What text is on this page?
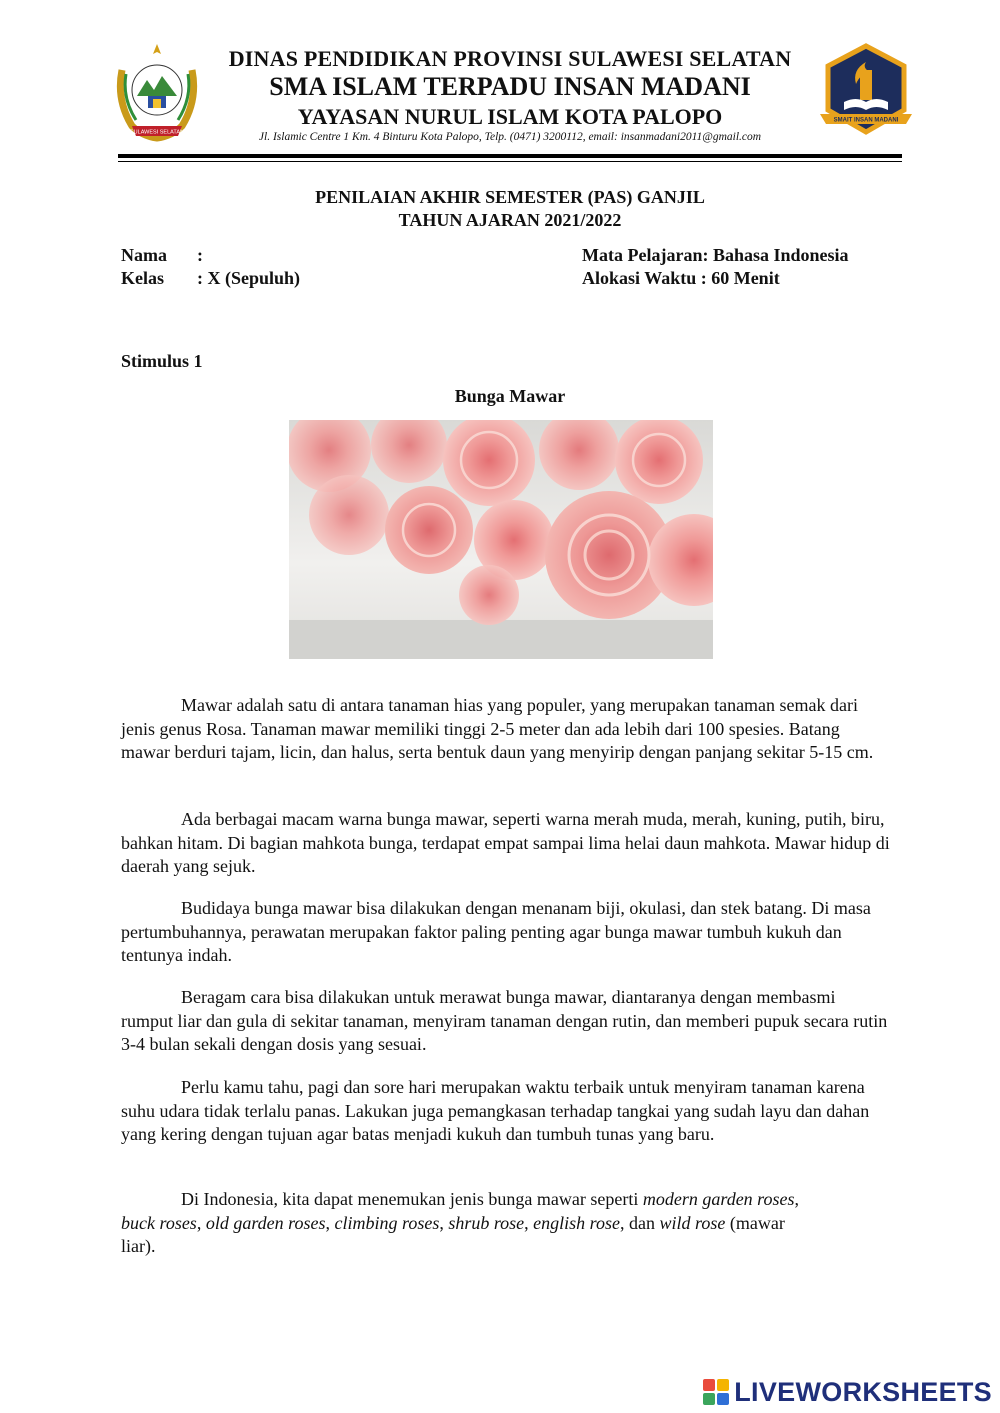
SULAWESI SELATAN
DINAS PENDIDIKAN PROVINSI SULAWESI SELATAN
SMA ISLAM TERPADU INSAN MADANI
YAYASAN NURUL ISLAM KOTA PALOPO
Jl. Islamic Centre 1 Km. 4 Binturu Kota Palopo, Telp. (0471) 3200112, email: insanmadani2011@gmail.com
SMAIT INSAN MADANI
PENILAIAN AKHIR SEMESTER (PAS) GANJIL
TAHUN AJARAN 2021/2022
Nama :
Kelas : X (Sepuluh)
Mata Pelajaran: Bahasa Indonesia
Alokasi Waktu : 60 Menit
Stimulus 1
Bunga Mawar

Mawar adalah satu di antara tanaman hias yang populer, yang merupakan tanaman semak dari jenis genus Rosa. Tanaman mawar memiliki tinggi 2-5 meter dan ada lebih dari 100 spesies. Batang mawar berduri tajam, licin, dan halus, serta bentuk daun yang menyirip dengan panjang sekitar 5-15 cm.

Ada berbagai macam warna bunga mawar, seperti warna merah muda, merah, kuning, putih, biru, bahkan hitam. Di bagian mahkota bunga, terdapat empat sampai lima helai daun mahkota. Mawar hidup di daerah yang sejuk.

Budidaya bunga mawar bisa dilakukan dengan menanam biji, okulasi, dan stek batang. Di masa pertumbuhannya, perawatan merupakan faktor paling penting agar bunga mawar tumbuh kukuh dan tentunya indah.

Beragam cara bisa dilakukan untuk merawat bunga mawar, diantaranya dengan membasmi rumput liar dan gula di sekitar tanaman, menyiram tanaman dengan rutin, dan memberi pupuk secara rutin 3-4 bulan sekali dengan dosis yang sesuai.

Perlu kamu tahu, pagi dan sore hari merupakan waktu terbaik untuk menyiram tanaman karena suhu udara tidak terlalu panas. Lakukan juga pemangkasan terhadap tangkai yang sudah layu dan dahan yang kering dengan tujuan agar batas menjadi kukuh dan tumbuh tunas yang baru.

Di Indonesia, kita dapat menemukan jenis bunga mawar seperti modern garden roses, buck roses, old garden roses, climbing roses, shrub rose, english rose, dan wild rose (mawar liar).

LIVEWORKSHEETS
